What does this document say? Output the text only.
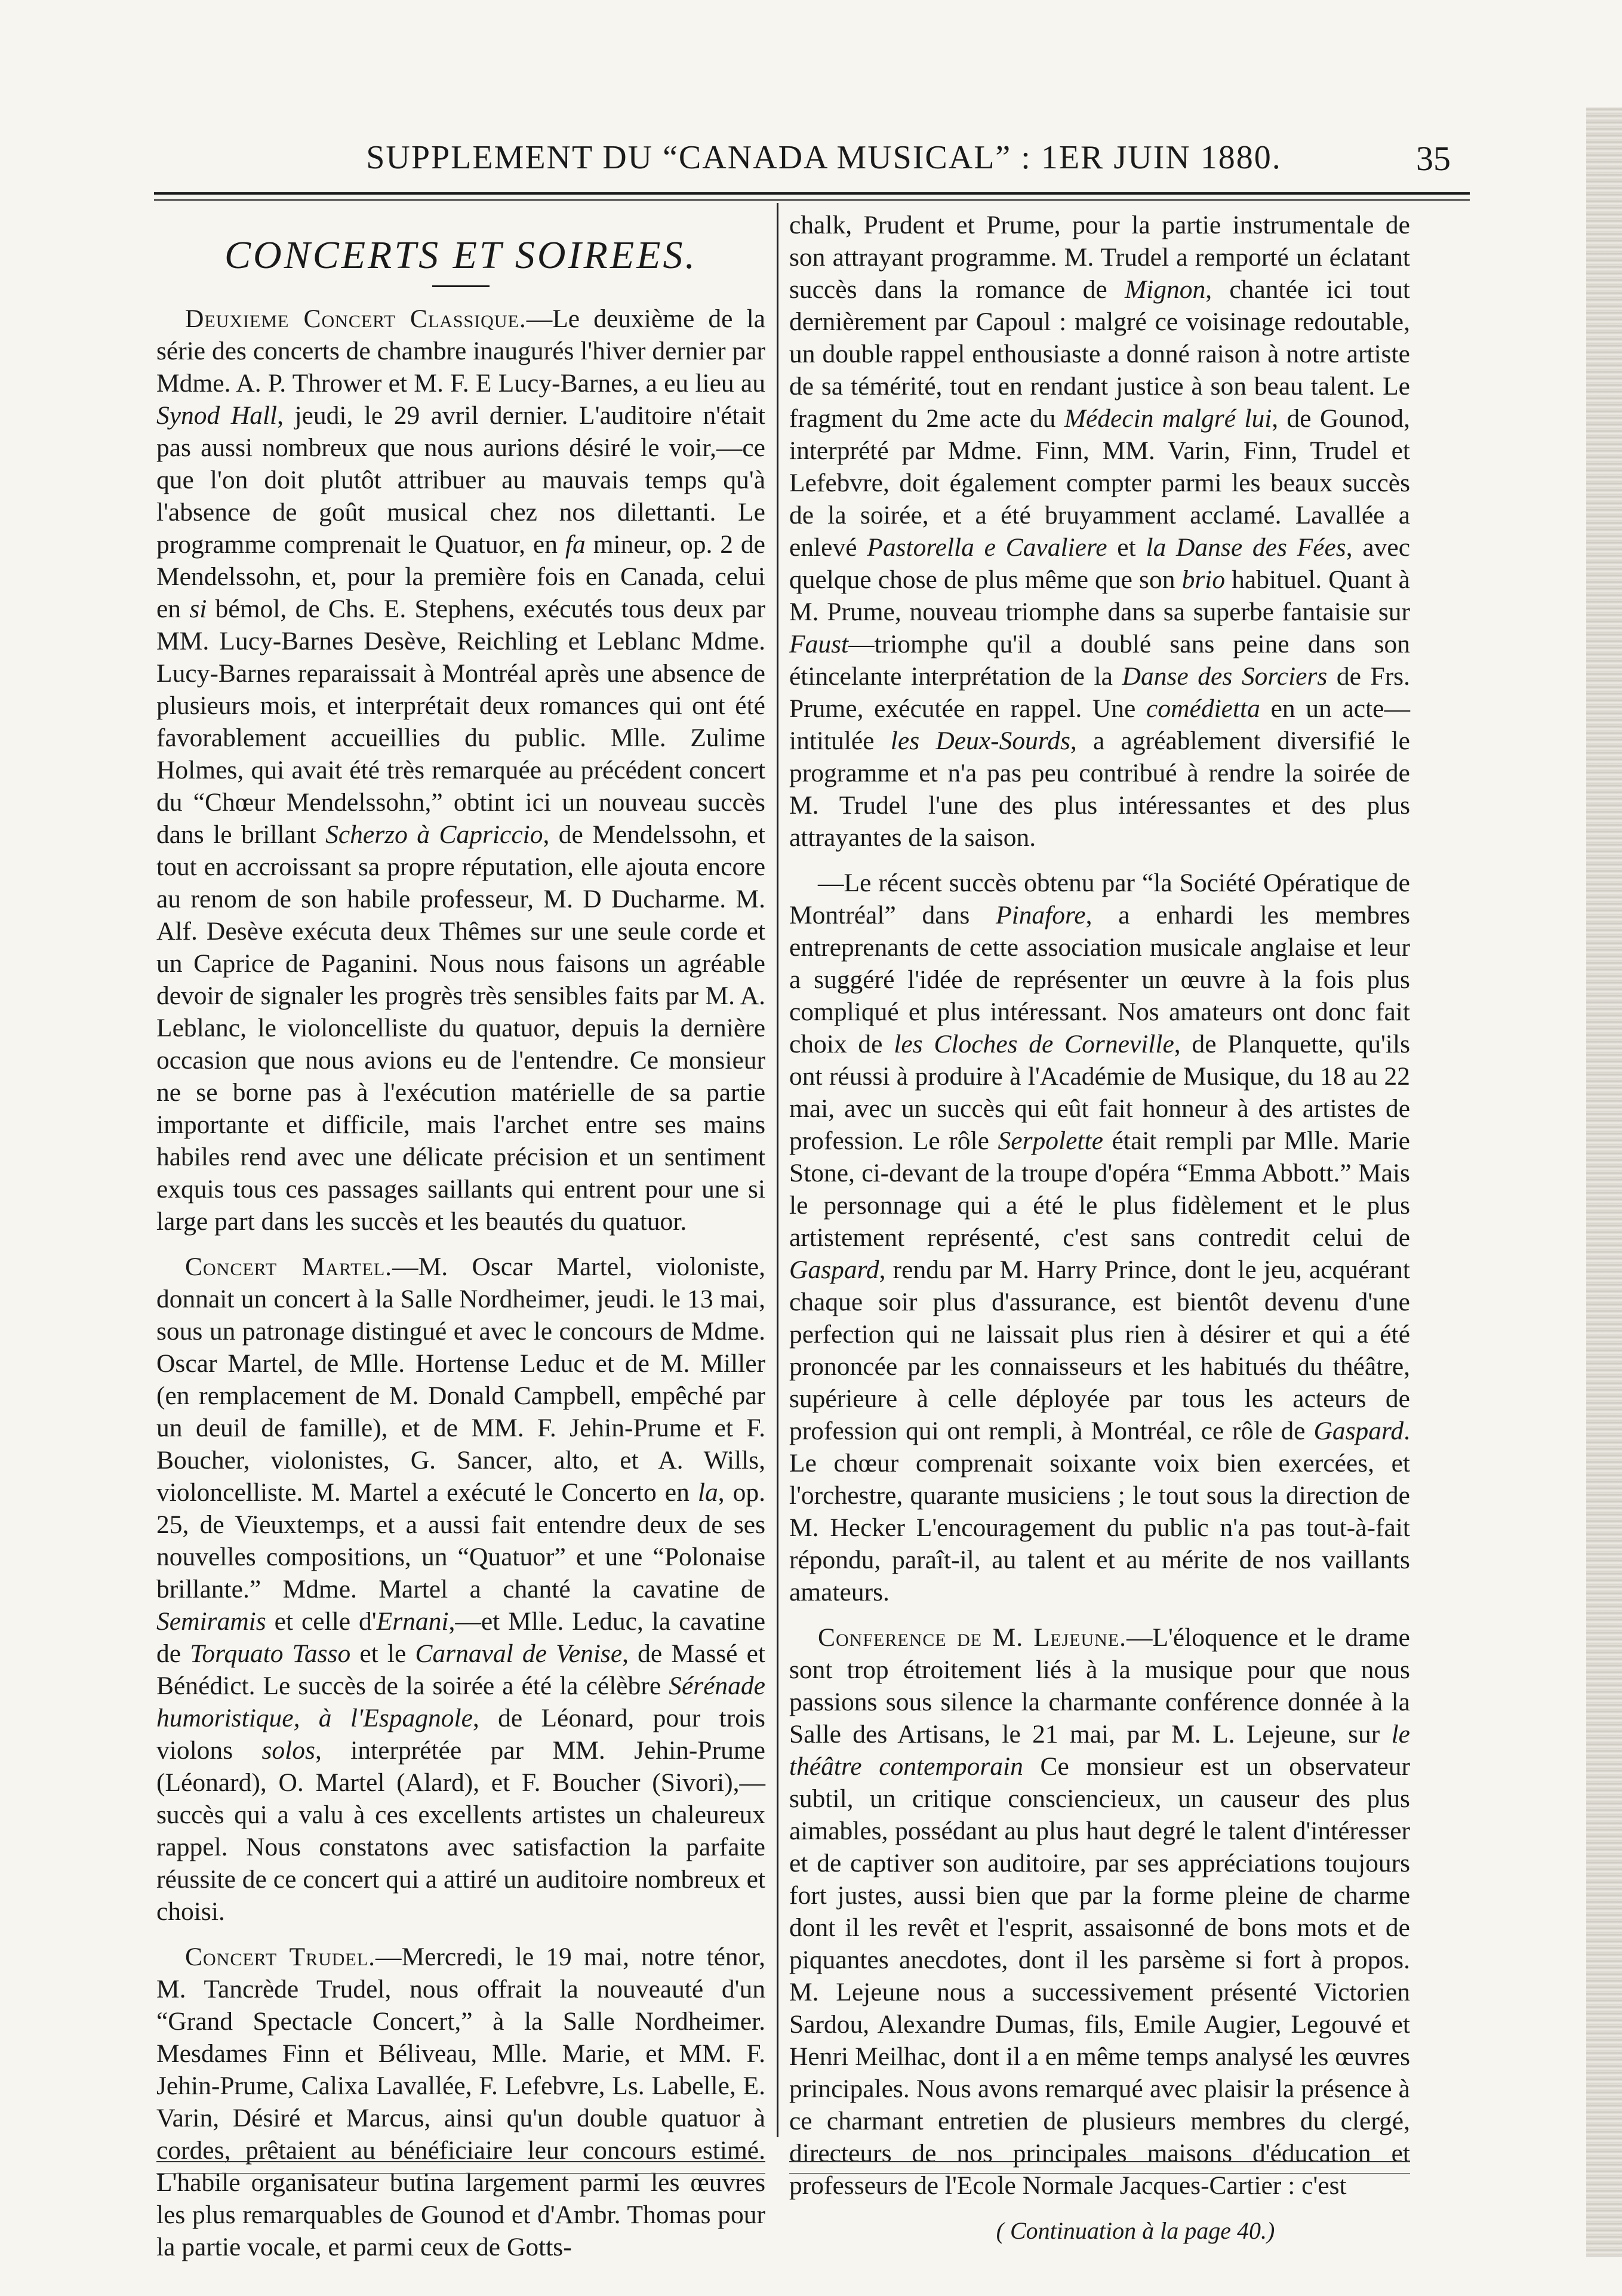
SUPPLEMENT DU “CANADA MUSICAL” : 1ER JUIN 1880.	35
CONCERTS ET SOIREES.

Deuxieme Concert Classique.—Le deuxième de la série des concerts de chambre inaugurés l'hiver dernier par Mdme. A. P. Thrower et M. F. E Lucy-Barnes, a eu lieu au Synod Hall, jeudi, le 29 avril dernier. L'auditoire n'était pas aussi nombreux que nous aurions désiré le voir,—ce que l'on doit plutôt attribuer au mauvais temps qu'à l'absence de goût musical chez nos dilettanti. Le programme comprenait le Quatuor, en fa mineur, op. 2 de Mendelssohn, et, pour la première fois en Canada, celui en si bémol, de Chs. E. Stephens, exécutés tous deux par MM. Lucy-Barnes Desève, Reichling et Leblanc Mdme. Lucy-Barnes reparaissait à Montréal après une absence de plusieurs mois, et interprétait deux romances qui ont été favorablement accueillies du public. Mlle. Zulime Holmes, qui avait été très remarquée au précédent concert du “Chœur Mendelssohn,” obtint ici un nouveau succès dans le brillant Scherzo à Capriccio, de Mendelssohn, et tout en accroissant sa propre réputation, elle ajouta encore au renom de son habile professeur, M. D Ducharme. M. Alf. Desève exécuta deux Thêmes sur une seule corde et un Caprice de Paganini. Nous nous faisons un agréable devoir de signaler les progrès très sensibles faits par M. A. Leblanc, le violoncelliste du quatuor, depuis la dernière occasion que nous avions eu de l'entendre. Ce monsieur ne se borne pas à l'exécution matérielle de sa partie importante et difficile, mais l'archet entre ses mains habiles rend avec une délicate précision et un sentiment exquis tous ces passages saillants qui entrent pour une si large part dans les succès et les beautés du quatuor.

Concert Martel.—M. Oscar Martel, violoniste, donnait un concert à la Salle Nordheimer, jeudi. le 13 mai, sous un patronage distingué et avec le concours de Mdme. Oscar Martel, de Mlle. Hortense Leduc et de M. Miller (en remplacement de M. Donald Campbell, empêché par un deuil de famille), et de MM. F. Jehin-Prume et F. Boucher, violonistes, G. Sancer, alto, et A. Wills, violoncelliste. M. Martel a exécuté le Concerto en la, op. 25, de Vieuxtemps, et a aussi fait entendre deux de ses nouvelles compositions, un “Quatuor” et une “Polonaise brillante.” Mdme. Martel a chanté la cavatine de Semiramis et celle d'Ernani,—et Mlle. Leduc, la cavatine de Torquato Tasso et le Carnaval de Venise, de Massé et Bénédict. Le succès de la soirée a été la célèbre Sérénade humoristique, à l'Espagnole, de Léonard, pour trois violons solos, interprétée par MM. Jehin-Prume (Léonard), O. Martel (Alard), et F. Boucher (Sivori),—succès qui a valu à ces excellents artistes un chaleureux rappel. Nous constatons avec satisfaction la parfaite réussite de ce concert qui a attiré un auditoire nombreux et choisi.

Concert Trudel.—Mercredi, le 19 mai, notre ténor, M. Tancrède Trudel, nous offrait la nouveauté d'un “Grand Spectacle Concert,” à la Salle Nordheimer. Mesdames Finn et Béliveau, Mlle. Marie, et MM. F. Jehin-Prume, Calixa Lavallée, F. Lefebvre, Ls. Labelle, E. Varin, Désiré et Marcus, ainsi qu'un double quatuor à cordes, prêtaient au bénéficiaire leur concours estimé. L'habile organisateur butina largement parmi les œuvres les plus remarquables de Gounod et d'Ambr. Thomas pour la partie vocale, et parmi ceux de Gotts-

chalk, Prudent et Prume, pour la partie instrumentale de son attrayant programme. M. Trudel a remporté un éclatant succès dans la romance de Mignon, chantée ici tout dernièrement par Capoul : malgré ce voisinage redoutable, un double rappel enthousiaste a donné raison à notre artiste de sa témérité, tout en rendant justice à son beau talent. Le fragment du 2me acte du Médecin malgré lui, de Gounod, interprété par Mdme. Finn, MM. Varin, Finn, Trudel et Lefebvre, doit également compter parmi les beaux succès de la soirée, et a été bruyamment acclamé. Lavallée a enlevé Pastorella e Cavaliere et la Danse des Fées, avec quelque chose de plus même que son brio habituel. Quant à M. Prume, nouveau triomphe dans sa superbe fantaisie sur Faust—triomphe qu'il a doublé sans peine dans son étincelante interprétation de la Danse des Sorciers de Frs. Prume, exécutée en rappel. Une comédietta en un acte—intitulée les Deux-Sourds, a agréablement diversifié le programme et n'a pas peu contribué à rendre la soirée de M. Trudel l'une des plus intéressantes et des plus attrayantes de la saison.

—Le récent succès obtenu par “la Société Opératique de Montréal” dans Pinafore, a enhardi les membres entreprenants de cette association musicale anglaise et leur a suggéré l'idée de représenter un œuvre à la fois plus compliqué et plus intéressant. Nos amateurs ont donc fait choix de les Cloches de Corneville, de Planquette, qu'ils ont réussi à produire à l'Académie de Musique, du 18 au 22 mai, avec un succès qui eût fait honneur à des artistes de profession. Le rôle Serpolette était rempli par Mlle. Marie Stone, ci-devant de la troupe d'opéra “Emma Abbott.” Mais le personnage qui a été le plus fidèlement et le plus artistement représenté, c'est sans contredit celui de Gaspard, rendu par M. Harry Prince, dont le jeu, acquérant chaque soir plus d'assurance, est bientôt devenu d'une perfection qui ne laissait plus rien à désirer et qui a été prononcée par les connaisseurs et les habitués du théâtre, supérieure à celle déployée par tous les acteurs de profession qui ont rempli, à Montréal, ce rôle de Gaspard. Le chœur comprenait soixante voix bien exercées, et l'orchestre, quarante musiciens ; le tout sous la direction de M. Hecker L'encouragement du public n'a pas tout-à-fait répondu, paraît-il, au talent et au mérite de nos vaillants amateurs.

Conference de M. Lejeune.—L'éloquence et le drame sont trop étroitement liés à la musique pour que nous passions sous silence la charmante conférence donnée à la Salle des Artisans, le 21 mai, par M. L. Lejeune, sur le théâtre contemporain Ce monsieur est un observateur subtil, un critique consciencieux, un causeur des plus aimables, possédant au plus haut degré le talent d'intéresser et de captiver son auditoire, par ses appréciations toujours fort justes, aussi bien que par la forme pleine de charme dont il les revêt et l'esprit, assaisonné de bons mots et de piquantes anecdotes, dont il les parsème si fort à propos. M. Lejeune nous a successivement présenté Victorien Sardou, Alexandre Dumas, fils, Emile Augier, Legouvé et Henri Meilhac, dont il a en même temps analysé les œuvres principales. Nous avons remarqué avec plaisir la présence à ce charmant entretien de plusieurs membres du clergé, directeurs de nos principales maisons d'éducation et professeurs de l'Ecole Normale Jacques-Cartier : c'est

( Continuation à la page 40.)
